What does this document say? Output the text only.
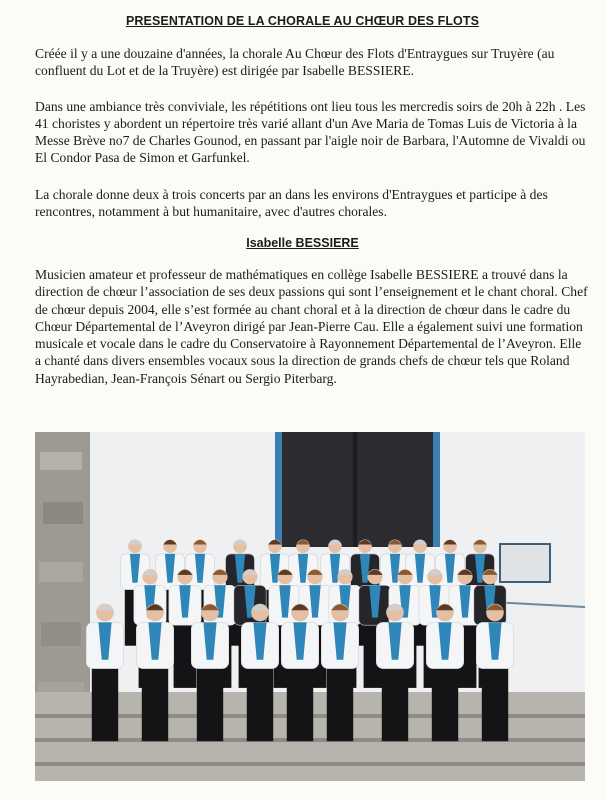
PRESENTATION DE LA CHORALE AU CHŒUR DES FLOTS

Créée il y a une douzaine d'années, la chorale Au Chœur des Flots d'Entraygues sur Truyère (au confluent du Lot et de la Truyère) est dirigée par Isabelle BESSIERE.

Dans une ambiance très conviviale, les répétitions ont lieu tous les mercredis soirs de 20h à 22h . Les 41 choristes y abordent un répertoire très varié allant d'un Ave Maria de Tomas Luis de Victoria à la Messe Brève no7 de Charles Gounod, en passant par l'aigle noir de Barbara, l'Automne de Vivaldi ou El Condor Pasa de Simon et Garfunkel.

La chorale donne deux à trois concerts par an dans les environs d'Entraygues et participe à des rencontres, notamment à but humanitaire, avec d'autres chorales.

Isabelle BESSIERE

Musicien amateur et professeur de mathématiques en collège Isabelle BESSIERE a trouvé dans la direction de chœur l’association de ses deux passions qui sont l’enseignement et le chant choral. Chef de chœur depuis 2004, elle s’est formée au chant choral et à la direction de chœur dans le cadre du Chœur Départemental de l’Aveyron dirigé par Jean-Pierre Cau. Elle a également suivi une formation musicale et vocale dans le cadre du Conservatoire à Rayonnement Départemental de l’Aveyron. Elle a chanté dans divers ensembles vocaux sous la direction de grands chefs de chœur tels que Roland Hayrabedian, Jean-François Sénart ou Sergio Piterbarg.
